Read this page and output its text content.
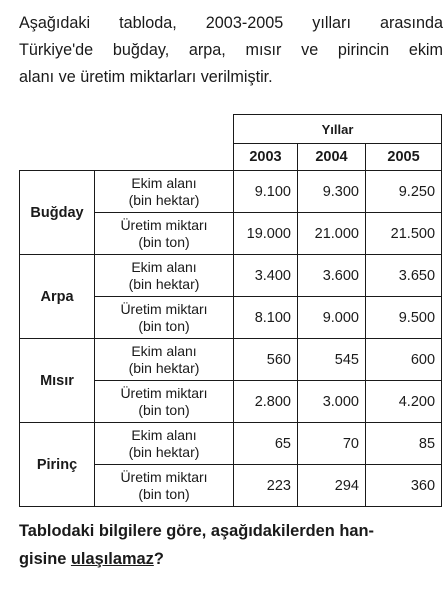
Aşağıdaki tabloda, 2003-2005 yılları arasında
Türkiye'de buğday, arpa, mısır ve pirincin ekim
alanı ve üretim miktarları verilmiştir.
		Yıllar		
		2003	2004	2005
Buğday	Ekim alanı
(bin hektar)	9.100	9.300	9.250
	Üretim miktarı
(bin ton)	19.000	21.000	21.500
Arpa	Ekim alanı
(bin hektar)	3.400	3.600	3.650
	Üretim miktarı
(bin ton)	8.100	9.000	9.500
Mısır	Ekim alanı
(bin hektar)	560	545	600
	Üretim miktarı
(bin ton)	2.800	3.000	4.200
Pirinç	Ekim alanı
(bin hektar)	65	70	85
	Üretim miktarı
(bin ton)	223	294	360
Tablodaki bilgilere göre, aşağıdakilerden han-
gisine ulaşılamaz?
